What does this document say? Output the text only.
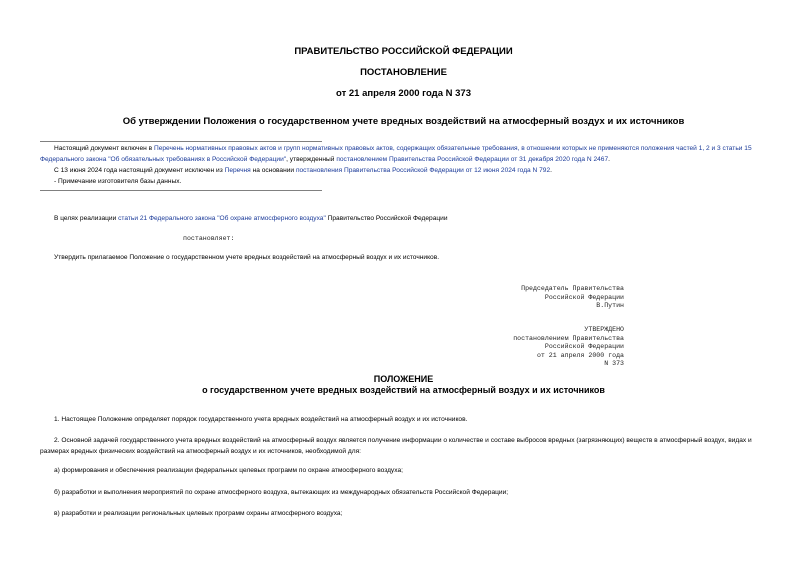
ПРАВИТЕЛЬСТВО РОССИЙСКОЙ ФЕДЕРАЦИИ
ПОСТАНОВЛЕНИЕ
от 21 апреля 2000 года N 373
Об утверждении Положения о государственном учете вредных воздействий на атмосферный воздух и их источников
Настоящий документ включен в Перечень нормативных правовых актов и групп нормативных правовых актов, содержащих обязательные требования, в отношении которых не применяются положения частей 1, 2 и 3 статьи 15 Федерального закона "Об обязательных требованиях в Российской Федерации", утвержденный постановлением Правительства Российской Федерации от 31 декабря 2020 года N 2467.
С 13 июня 2024 года настоящий документ исключен из Перечня на основании постановления Правительства Российской Федерации от 12 июня 2024 года N 792.
- Примечание изготовителя базы данных.
В целях реализации статьи 21 Федерального закона "Об охране атмосферного воздуха" Правительство Российской Федерации
постановляет:
Утвердить прилагаемое Положение о государственном учете вредных воздействий на атмосферный воздух и их источников.
Председатель Правительства
Российской Федерации
В.Путин
УТВЕРЖДЕНО
постановлением Правительства
Российской Федерации
от 21 апреля 2000 года
N 373
ПОЛОЖЕНИЕ
о государственном учете вредных воздействий на атмосферный воздух и их источников
1. Настоящее Положение определяет порядок государственного учета вредных воздействий на атмосферный воздух и их источников.
2. Основной задачей государственного учета вредных воздействий на атмосферный воздух является получение информации о количестве и составе выбросов вредных (загрязняющих) веществ в атмосферный воздух, видах и размерах вредных физических воздействий на атмосферный воздух и их источников, необходимой для:
а) формирования и обеспечения реализации федеральных целевых программ по охране атмосферного воздуха;
б) разработки и выполнения мероприятий по охране атмосферного воздуха, вытекающих из международных обязательств Российской Федерации;
в) разработки и реализации региональных целевых программ охраны атмосферного воздуха;
